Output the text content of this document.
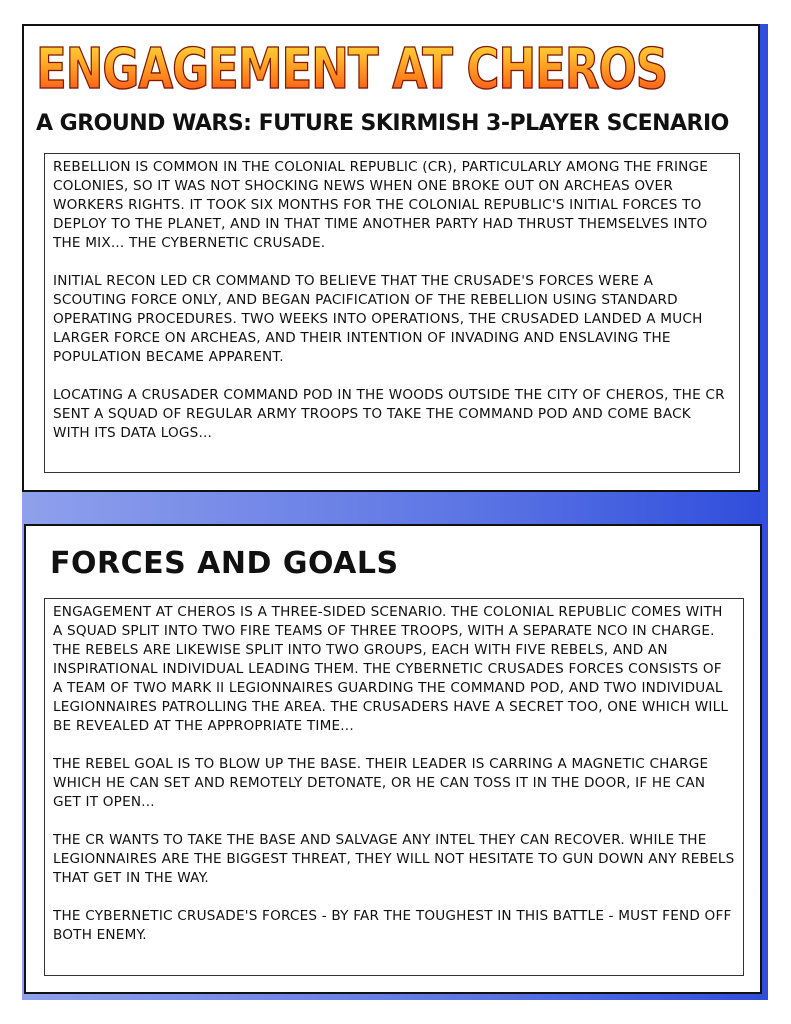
ENGAGEMENT AT CHEROS
A GROUND WARS: FUTURE SKIRMISH 3-PLAYER SCENARIO

REBELLION IS COMMON IN THE COLONIAL REPUBLIC (CR), PARTICULARLY AMONG THE FRINGE COLONIES, SO IT WAS NOT SHOCKING NEWS WHEN ONE BROKE OUT ON ARCHEAS OVER WORKERS RIGHTS. IT TOOK SIX MONTHS FOR THE COLONIAL REPUBLIC'S INITIAL FORCES TO DEPLOY TO THE PLANET, AND IN THAT TIME ANOTHER PARTY HAD THRUST THEMSELVES INTO THE MIX... THE CYBERNETIC CRUSADE.

INITIAL RECON LED CR COMMAND TO BELIEVE THAT THE CRUSADE'S FORCES WERE A SCOUTING FORCE ONLY, AND BEGAN PACIFICATION OF THE REBELLION USING STANDARD OPERATING PROCEDURES. TWO WEEKS INTO OPERATIONS, THE CRUSADED LANDED A MUCH LARGER FORCE ON ARCHEAS, AND THEIR INTENTION OF INVADING AND ENSLAVING THE POPULATION BECAME APPARENT.

LOCATING A CRUSADER COMMAND POD IN THE WOODS OUTSIDE THE CITY OF CHEROS, THE CR SENT A SQUAD OF REGULAR ARMY TROOPS TO TAKE THE COMMAND POD AND COME BACK WITH ITS DATA LOGS...

FORCES AND GOALS

ENGAGEMENT AT CHEROS IS A THREE-SIDED SCENARIO. THE COLONIAL REPUBLIC COMES WITH A SQUAD SPLIT INTO TWO FIRE TEAMS OF THREE TROOPS, WITH A SEPARATE NCO IN CHARGE. THE REBELS ARE LIKEWISE SPLIT INTO TWO GROUPS, EACH WITH FIVE REBELS, AND AN INSPIRATIONAL INDIVIDUAL LEADING THEM. THE CYBERNETIC CRUSADES FORCES CONSISTS OF A TEAM OF TWO MARK II LEGIONNAIRES GUARDING THE COMMAND POD, AND TWO INDIVIDUAL LEGIONNAIRES PATROLLING THE AREA. THE CRUSADERS HAVE A SECRET TOO, ONE WHICH WILL BE REVEALED AT THE APPROPRIATE TIME...

THE REBEL GOAL IS TO BLOW UP THE BASE. THEIR LEADER IS CARRING A MAGNETIC CHARGE WHICH HE CAN SET AND REMOTELY DETONATE, OR HE CAN TOSS IT IN THE DOOR, IF HE CAN GET IT OPEN...

THE CR WANTS TO TAKE THE BASE AND SALVAGE ANY INTEL THEY CAN RECOVER. WHILE THE LEGIONNAIRES ARE THE BIGGEST THREAT, THEY WILL NOT HESITATE TO GUN DOWN ANY REBELS THAT GET IN THE WAY.

THE CYBERNETIC CRUSADE'S FORCES - BY FAR THE TOUGHEST IN THIS BATTLE - MUST FEND OFF BOTH ENEMY.
